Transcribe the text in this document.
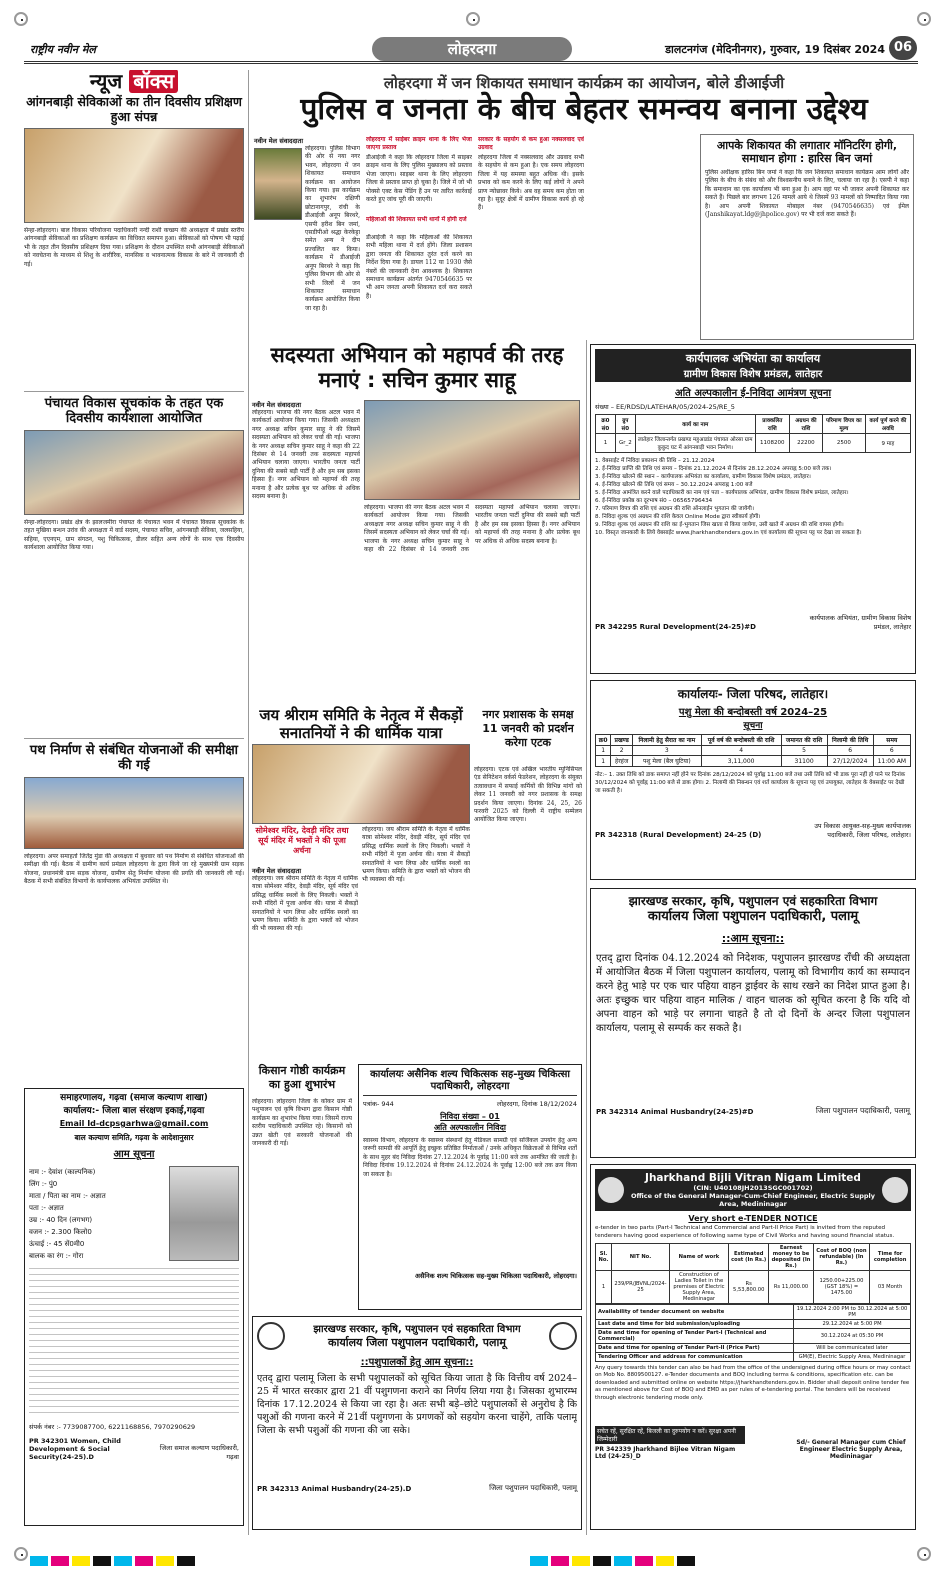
राष्ट्रीय नवीन मेल	लोहरदगा	डालटनगंज (मेदिनीनगर), गुरुवार, 19 दिसंबर 2024 06
न्यूज बॉक्स
आंगनबाड़ी सेविकाओं का तीन दिवसीय प्रशिक्षण हुआ संपन्न
सेन्हा-लोहरदगा। बाल विकास परियोजना पदाधिकारी नन्दी राशी कच्छप की अध्यक्षता में प्रखंड स्तरीय आंगनबाड़ी सेविकाओं का प्रशिक्षण कार्यक्रम का विधिवत समापन हुआ। सेविकाओं को पोषण भी पढ़ाई भी के तहत तीन दिवसीय प्रशिक्षण दिया गया। प्रशिक्षण के दौरान उपस्थित सभी आंगनबाड़ी सेविकाओं को नवचेतना के माध्यम से शिशु के शारीरिक, मानसिक व भावनात्मक विकास के बारे में जानकारी दी गई।
पंचायत विकास सूचकांक के तहत एक दिवसीय कार्यशाला आयोजित
सेन्हा-लोहरदगा। प्रखंड क्षेत्र के झालजमीरा पंचायत के पंचायत भवन में पंचायत विकास सूचकांक के तहत मुखिया बन्धन उरांव की अध्यक्षता में वार्ड सदस्य, पंचायत सचिव, आंगनबाड़ी सेविका, जलसहिया, सहिया, एएनएम, ग्राम संगठन, पशु चिकित्सक, डीलर सहित अन्य लोगों के साथ एक दिवसीय कार्यशाला आयोजित किया गया।
पथ निर्माण से संबंधित योजनाओं की समीक्षा की गई
लोहरदगा। अपर समाहर्ता जितेंद्र मुंडा की अध्यक्षता में बुधवार को पथ निर्माण से संबंधित योजनाओं की समीक्षा की गई। बैठक में ग्रामीण कार्य प्रमंडल लोहरदगा के द्वारा किये जा रहे मुख्यमंत्री ग्राम सड़क योजना, प्रधानमंत्री ग्राम सड़क योजना, ग्रामीण सेतु निर्माण योजना की प्रगति की जानकारी ली गई। बैठक में सभी संबंधित विभागों के कार्यपालक अभियंता उपस्थित थे।
समाहरणालय, गढ़वा (समाज कल्याण शाखा)
कार्यालय:- जिला बाल संरक्षण इकाई,गढ़वा
Email Id-dcpsgarhwa@gmail.com
बाल कल्याण समिति, गढ़वा के आदेशानुसार
आम सूचना
नाम :- देवांश (काल्पनिक)
लिंग :- पुं0
माता / पिता का नाम :- अज्ञात
पता :- अज्ञात
उम्र :- 40 दिन (लगभग)
वजन :- 2.300 किलो0
ऊंचाई :- 45 सें0मी0
बालक का रंग :- गोरा
संपर्क नंबर :- 7739087700, 6221168856, 7970290629
PR 342301 Women, Child Development & Social Security(24-25).D
जिला समाज कल्याण पदाधिकारी, गढ़वा
लोहरदगा में जन शिकायत समाधान कार्यक्रम का आयोजन, बोले डीआईजी
पुलिस व जनता के बीच बेहतर समन्वय बनाना उद्देश्य
नवीन मेल संवाददाता
लोहरदगा। पुलिस विभाग की ओर से नया नगर भवन, लोहरदगा में जन शिकायत समाधान कार्यक्रम का आयोजन किया गया। इस कार्यक्रम का शुभारंभ दक्षिणी छोटानागपुर, रांची के डीआईजी अनूप बिरथरे, एसपी हरीश बिन जमां, एसडीपीओ श्रद्धा केरकेट्टा समेत अन्य ने दीप प्रज्वलित कर किया। कार्यक्रम में डीआईजी अनूप बिरथरे ने कहा कि पुलिस विभाग की ओर से सभी जिलों में जन शिकायत समाधान कार्यक्रम आयोजित किया जा रहा है।
लोहरदगा में साईबर क्राइम थाना के लिए भेजा जाएगा प्रस्ताव
डीआईजी ने कहा कि लोहरदगा जिला में साइबर क्राइम थाना के लिए पुलिस मुख्यालय को प्रस्ताव भेजा जाएगा। साइबर थाना के लिए लोहरदगा जिला से प्रस्ताव प्राप्त हो चुका है। जिले में जो भी पोक्सो एक्ट केस पेंडिंग हैं उन पर त्वरित कार्रवाई करते हुए जांच पूरी की जाएगी।
महिलाओं की शिकायत सभी थानों में होगी दर्ज
डीआईजी ने कहा कि महिलाओं की शिकायत सभी महिला थाना में दर्ज होंगे। जिला प्रशासन द्वारा जनता की शिकायत तुरंत दर्ज करने का निर्देश दिया गया है। डायल 112 या 1930 जैसे नंबरों की जानकारी देना आवश्यक है। शिकायत समाधान कार्यक्रम अंतर्गत 9470546635 पर भी आम जनता अपनी शिकायत दर्ज करा सकते हैं।
सरकार के सहयोग से कम हुआ नक्सलवाद एवं उग्रवाद
लोहरदगा जिला में नक्सलवाद और उग्रवाद सभी के सहयोग से कम हुआ है। एक समय लोहरदगा जिला में यह समस्या बहुत अधिक थी। इसके प्रभाव को कम करने के लिए कई लोगों ने अपने प्राण न्योछावर किये। अब वह समय कम होता जा रहा है। सुदूर क्षेत्रों में ग्रामीण विकास कार्य हो रहे हैं।
आपके शिकायत की लगातार मॉनिटरिंग होगी, समाधान होगा : हारिस बिन जमां
पुलिस अधीक्षक हारिस बिन जमां ने कहा कि जन शिकायत समाधान कार्यक्रम आम लोगों और पुलिस के बीच के संबंध को और विश्वसनीय बनाने के लिए, चलाया जा रहा है। एसपी ने कहा कि समाधान का एक कार्यालय भी बना हुआ है। आप वहां पर भी जाकर अपनी शिकायत कर सकते हैं। पिछले बार लगभग 126 मामले आये थे जिसमें 93 मामलों को निष्पादित किया गया है। आप अपनी शिकायत मोबाइल नंबर (9470546635) एवं ईमेल (Janshikayat.ldg@jhpolice.gov) पर भी दर्ज करा सकते हैं।
सदस्यता अभियान को महापर्व की तरह मनाएं : सचिन कुमार साहू
नवीन मेल संवाददाता
लोहरदगा। भाजपा की नगर बैठक अटल भवन में कार्यकर्ता आयोजन किया गया। जिसकी अध्यक्षता नगर अध्यक्ष सचिन कुमार साहू ने की जिसमें सदस्यता अभियान को लेकर चर्चा की गई। भाजपा के नगर अध्यक्ष सचिन कुमार साहू ने कहा की 22 दिसंबर से 14 जनवरी तक सदस्यता महापर्व अभियान चलाया जाएगा। भारतीय जनता पार्टी दुनिया की सबसे बड़ी पार्टी है और हम सब इसका हिस्सा हैं। नगर अभियान को महापर्व की तरह मनाना है और प्रत्येक बूथ पर अधिक से अधिक सदस्य बनाना है।
लोहरदगा। भाजपा की नगर बैठक अटल भवन में कार्यकर्ता आयोजन किया गया। जिसकी अध्यक्षता नगर अध्यक्ष सचिन कुमार साहू ने की जिसमें सदस्यता अभियान को लेकर चर्चा की गई। भाजपा के नगर अध्यक्ष सचिन कुमार साहू ने कहा की 22 दिसंबर से 14 जनवरी तक सदस्यता महापर्व अभियान चलाया जाएगा। भारतीय जनता पार्टी दुनिया की सबसे बड़ी पार्टी है और हम सब इसका हिस्सा हैं। नगर अभियान को महापर्व की तरह मनाना है और प्रत्येक बूथ पर अधिक से अधिक सदस्य बनाना है।
जय श्रीराम समिति के नेतृत्व में सैकड़ों सनातनियों ने की धार्मिक यात्रा
सोमेश्वर मंदिर, देवड़ी मंदिर तथा सूर्य मंदिर में भक्तों ने की पूजा अर्चना
नवीन मेल संवाददाता
लोहरदगा। जय श्रीराम समिति के नेतृत्व में धार्मिक यात्रा सोमेश्वर मंदिर, देवड़ी मंदिर, सूर्य मंदिर एवं प्रसिद्ध धार्मिक स्थलों के लिए निकली। भक्तों ने सभी मंदिरों में पूजा अर्चना की। यात्रा में सैकड़ों सनातनियों ने भाग लिया और धार्मिक स्थलों का भ्रमण किया। समिति के द्वारा भक्तों को भोजन की भी व्यवस्था की गई।
लोहरदगा। जय श्रीराम समिति के नेतृत्व में धार्मिक यात्रा सोमेश्वर मंदिर, देवड़ी मंदिर, सूर्य मंदिर एवं प्रसिद्ध धार्मिक स्थलों के लिए निकली। भक्तों ने सभी मंदिरों में पूजा अर्चना की। यात्रा में सैकड़ों सनातनियों ने भाग लिया और धार्मिक स्थलों का भ्रमण किया। समिति के द्वारा भक्तों को भोजन की भी व्यवस्था की गई।
नगर प्रशासक के समक्ष 11 जनवरी को प्रदर्शन करेगा एटक
लोहरदगा। एटक एवं अखिल भारतीय म्युनिसिपल एंड सेनिटेशन वर्कर्स फेडरेशन, लोहरदगा के संयुक्त तत्वावधान में सफाई कर्मियों की विभिन्न मांगों को लेकर 11 जनवरी को नगर प्रशासक के समक्ष प्रदर्शन किया जाएगा। दिनांक 24, 25, 26 फरवरी 2025 को दिल्ली में राष्ट्रीय सम्मेलन आयोजित किया जाएगा।
किसान गोष्ठी कार्यक्रम का हुआ शुभारंभ
लोहरदगा। लोहरदगा जिला के कोकर ग्राम में पशुपालन एवं कृषि विभाग द्वारा किसान गोष्ठी कार्यक्रम का शुभारंभ किया गया। जिसमें राज्य स्तरीय पदाधिकारी उपस्थित रहे। किसानों को उन्नत खेती एवं सरकारी योजनाओं की जानकारी दी गई।
कार्यालयः असैनिक शल्य चिकित्सक सह-मुख्य चिकित्सा पदाधिकारी, लोहरदगा
पत्रांक- 944	लोहरदगा, दिनांक 18/12/2024
निविदा संख्या – 01
अति अल्पकालीन निविदा
स्वास्थ्य विभाग, लोहरदगा के स्वास्थ्य संस्थानों हेतु मेडिकल सामग्री एवं सर्जिकल उपयोग हेतु अन्य जरूरी सामग्री की आपूर्ति हेतु इच्छुक प्रतिष्ठित निर्माताओं / उनके अधिकृत विक्रेताओं से विभिन्न शर्तों के साथ मुहर बंद निविदा दिनांक 27.12.2024 के पूर्वाह्न 11:00 बजे तक आमंत्रित की जाती है। निविदा दिनांक 19.12.2024 से दिनांक 24.12.2024 के पूर्वाह्न 12:00 बजे तक क्रय किया जा सकता है।
असैनिक शल्य चिकित्सक सह-मुख्य चिकित्सा पदाधिकारी, लोहरदगा।
झारखण्ड सरकार, कृषि, पशुपालन एवं सहकारिता विभाग
कार्यालय जिला पशुपालन पदाधिकारी, पलामू
::पशुपालकों हेतु आम सूचना::
एतद् द्वारा पलामू जिला के सभी पशुपालकों को सूचित किया जाता है कि वित्तीय वर्ष 2024–25 में भारत सरकार द्वारा 21 वीं पशुगणना कराने का निर्णय लिया गया है। जिसका शुभारम्भ दिनांक 17.12.2024 से किया जा रहा है। अतः सभी बड़े–छोटे पशुपालकों से अनुरोध है कि पशुओं की गणना करने में 21वीं पशुगणना के प्रगणकों को सहयोग करना चाहेंगे, ताकि पलामू जिला के सभी पशुओं की गणना की जा सके।
PR 342313 Animal Husbandry(24-25).D	जिला पशुपालन पदाधिकारी, पलामू
कार्यपालक अभियंता का कार्यालय
ग्रामीण विकास विशेष प्रमंडल, लातेहार
अति अल्पकालीन ई-निविदा आमंत्रण सूचना
संख्या – EE/RDSD/LATEHAR/05/2024-25/RE_5
क्र0 सं0	ग्रुप सं0	कार्य का नाम	प्राक्कलित राशि	अग्रधन की राशि	परिमाण विपत्र का मूल्य	कार्य पूर्ण करने की अवधि
1	Gr_2	लातेहार जिलान्तर्गत प्रखण्ड महुआडांड पंचायत ओरसा ग्राम कुकुद घट में आंगनबाड़ी भवन निर्माण।	1108200	22200	2500	9 माह
1. वेबसाईट में निविदा प्रकाशन की तिथि – 21.12.2024
2. ई-निविदा प्राप्ति की तिथि एवं समय – दिनांक 21.12.2024 से दिनांक 28.12.2024 अपराह्न 5:00 बजे तक।
3. ई-निविदा खोलने की स्थान – कार्यपालक अभियंता का कार्यालय, ग्रामीण विकास विशेष प्रमंडल, लातेहार।
4. ई-निविदा खोलने की तिथि एवं समय – 30.12.2024 अपराह्न 1:00 बजे
5. ई-निविदा आमंत्रित करने वाले पदाधिकारी का नाम एवं पता – कार्यपालक अभियंता, ग्रामीण विकास विशेष प्रमंडल, लातेहार।
6. ई-निविदा प्रकोष्ठ का दूरभाष सं0 – 06565796434
7. परिमाण विपत्र की राशि एवं अग्रधन की राशि ऑनलाईन भुगतान की जायेगी।
8. निविदा शुल्क एवं अग्रधन की राशि केवल Online Mode द्वारा स्वीकार्य होगी।
9. निविदा शुल्क एवं अग्रधन की राशि का ई-भुगतान जिस खाता से किया जायेगा, उसी खाते में अग्रधन की राशि वापस होगी।
10. विस्तृत जानकारी के लिये वेबसाईट www.jharkhandtenders.gov.in एवं कार्यालय की सूचना पट्ट पर देखा जा सकता है।
PR 342295 Rural Development(24-25)#D
कार्यपालक अभियंता, ग्रामीण विकास विशेष प्रमंडल, लातेहार
कार्यालयः- जिला परिषद, लातेहार।
पशु मेला की बन्दोबस्ती वर्ष 2024–25
सूचना
क्र0	प्रखण्ड	निलामी हेतु सैरात का नाम	पूर्व वर्ष की बन्दोबस्ती की राशि	जमानत की राशि	निलामी की तिथि	समय
1	2	3	4	5	6	6
1	हेरहंज	पशु मेला (बैल घुटिया)	3,11,000	31100	27/12/2024	11:00 AM
नोट:– 1. उक्त तिथि को डाक समाप्त नहीं होने पर दिनांक 28/12/2024 को पूर्वाह्न 11:00 बजे तथा उसी तिथि को भी डाक पूरा नहीं हो पाने पर दिनांक 30/12/2024 को पूर्वाह्न 11:00 बजे से डाक होगा। 2. निलामी की निबन्धन एवं शर्त कार्यालय के सूचना पट्ट एवं उपायुक्त, लातेहार के वेबसाईट पर देखी जा सकती है।
PR 342318 (Rural Development) 24-25 (D)
उप विकास आयुक्त-सह-मुख्य कार्यपालक पदाधिकारी, जिला परिषद, लातेहार।
झारखण्ड सरकार, कृषि, पशुपालन एवं सहकारिता विभाग
कार्यालय जिला पशुपालन पदाधिकारी, पलामू
::आम सूचना::
एतद् द्वारा दिनांक 04.12.2024 को निदेशक, पशुपालन झारखण्ड राँची की अध्यक्षता में आयोजित बैठक में जिला पशुपालन कार्यालय, पलामू को विभागीय कार्य का सम्पादन करने हेतु भाड़े पर एक चार पहिया वाहन ड्राईवर के साथ रखने का निदेश प्राप्त हुआ है। अतः इच्छुक चार पहिया वाहन मालिक / वाहन चालक को सूचित करना है कि यदि वो अपना वाहन को भाड़े पर लगाना चाहते है तो दो दिनों के अन्दर जिला पशुपालन कार्यालय, पलामू से सम्पर्क कर सकते है।
PR 342314 Animal Husbandry(24-25)#D	जिला पशुपालन पदाधिकारी, पलामू
Jharkhand Bijli Vitran Nigam Limited
(CIN: U40108JH2013SGC001702)
Office of the General Manager-Cum-Chief Engineer, Electric Supply Area, Medininagar
Very short e-TENDER NOTICE
e-tender in two parts (Part-I Technical and Commercial and Part-II Price Part) is invited from the reputed tenderers having good experience of following same type of Civil Works and having sound financial status.
Sl. No.	NIT No.	Name of work	Estimated cost (In Rs.)	Earnest money to be deposited (In Rs.)	Cost of BOQ (non refundable) (In Rs.)	Time for completion
1	239/PR/JBVNL/2024-25	Construction of Ladies Toilet in the premises of Electric Supply Area, Medininagar	Rs 5,53,800.00	Rs 11,000.00	1250.00+225.00 (GST 18%) = 1475.00	03 Month
Availability of tender document on website	19.12.2024 2:00 PM to 30.12.2024 at 5:00 PM
Last date and time for bid submission/uploading	29.12.2024 at 5:00 PM
Date and time for opening of Tender Part-I (Technical and Commercial)	30.12.2024 at 05:30 PM
Date and time for opening of Tender Part-II (Price Part)	Will be communicated later
Tendering Officer and address for communication	GM(E), Electric Supply Area, Medininagar
Any query towards this tender can also be had from the office of the undersigned during office hours or may contact on Mob No. 8809500127. e-Tender documents and BOQ including terms & conditions, specification etc. can be downloaded and submitted online on website https://jharkhandtenders.gov.in. Bidder shall deposit online tender fee as mentioned above for Cost of BOQ and EMD as per rules of e-tendering portal. The tenders will be received through electronic tendering mode only.
सचेत रहें, सुरक्षित रहें, बिजली का दुरुपयोग न करें। सुरक्षा अपनी जिम्मेदारी
PR 342339 Jharkhand Bijlee Vitran Nigam Ltd (24-25)_D
Sd/- General Manager cum Chief Engineer Electric Supply Area, Medininagar
